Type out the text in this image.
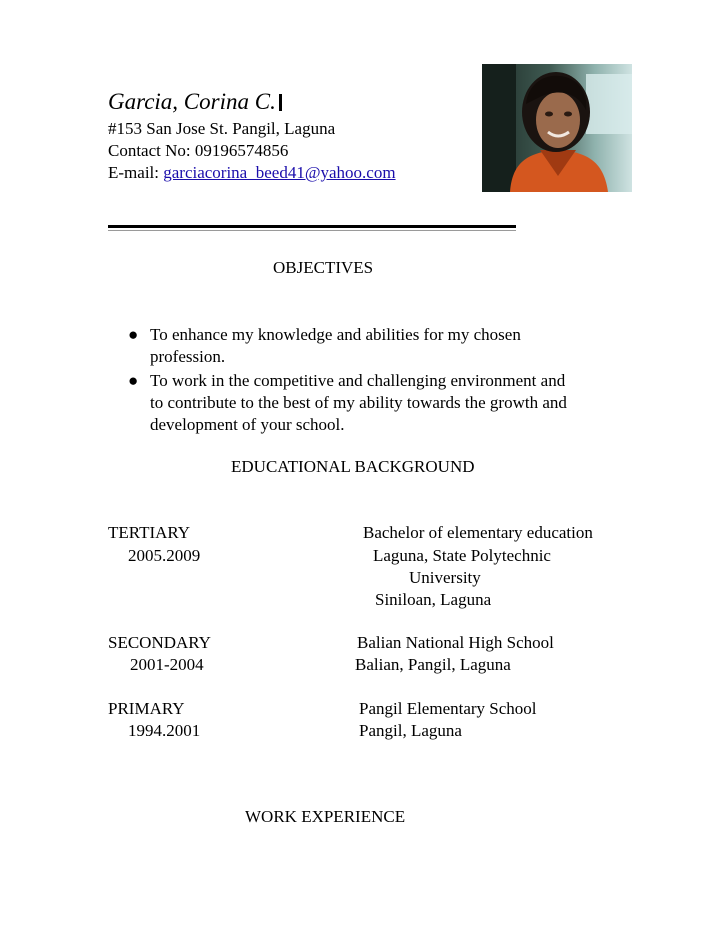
Garcia, Corina C.
#153 San Jose St. Pangil, Laguna
Contact No: 09196574856
E-mail: garciacorina_beed41@yahoo.com
OBJECTIVES
● To enhance my knowledge and abilities for my chosen
profession.
● To work in the competitive and challenging environment and
to contribute to the best of my ability towards the growth and
development of your school.
EDUCATIONAL BACKGROUND
TERTIARY
2005.2009
Bachelor of elementary education
Laguna, State Polytechnic
University
Siniloan, Laguna
SECONDARY
2001-2004
Balian National High School
Balian, Pangil, Laguna
PRIMARY
1994.2001
Pangil Elementary School
Pangil, Laguna
WORK EXPERIENCE
